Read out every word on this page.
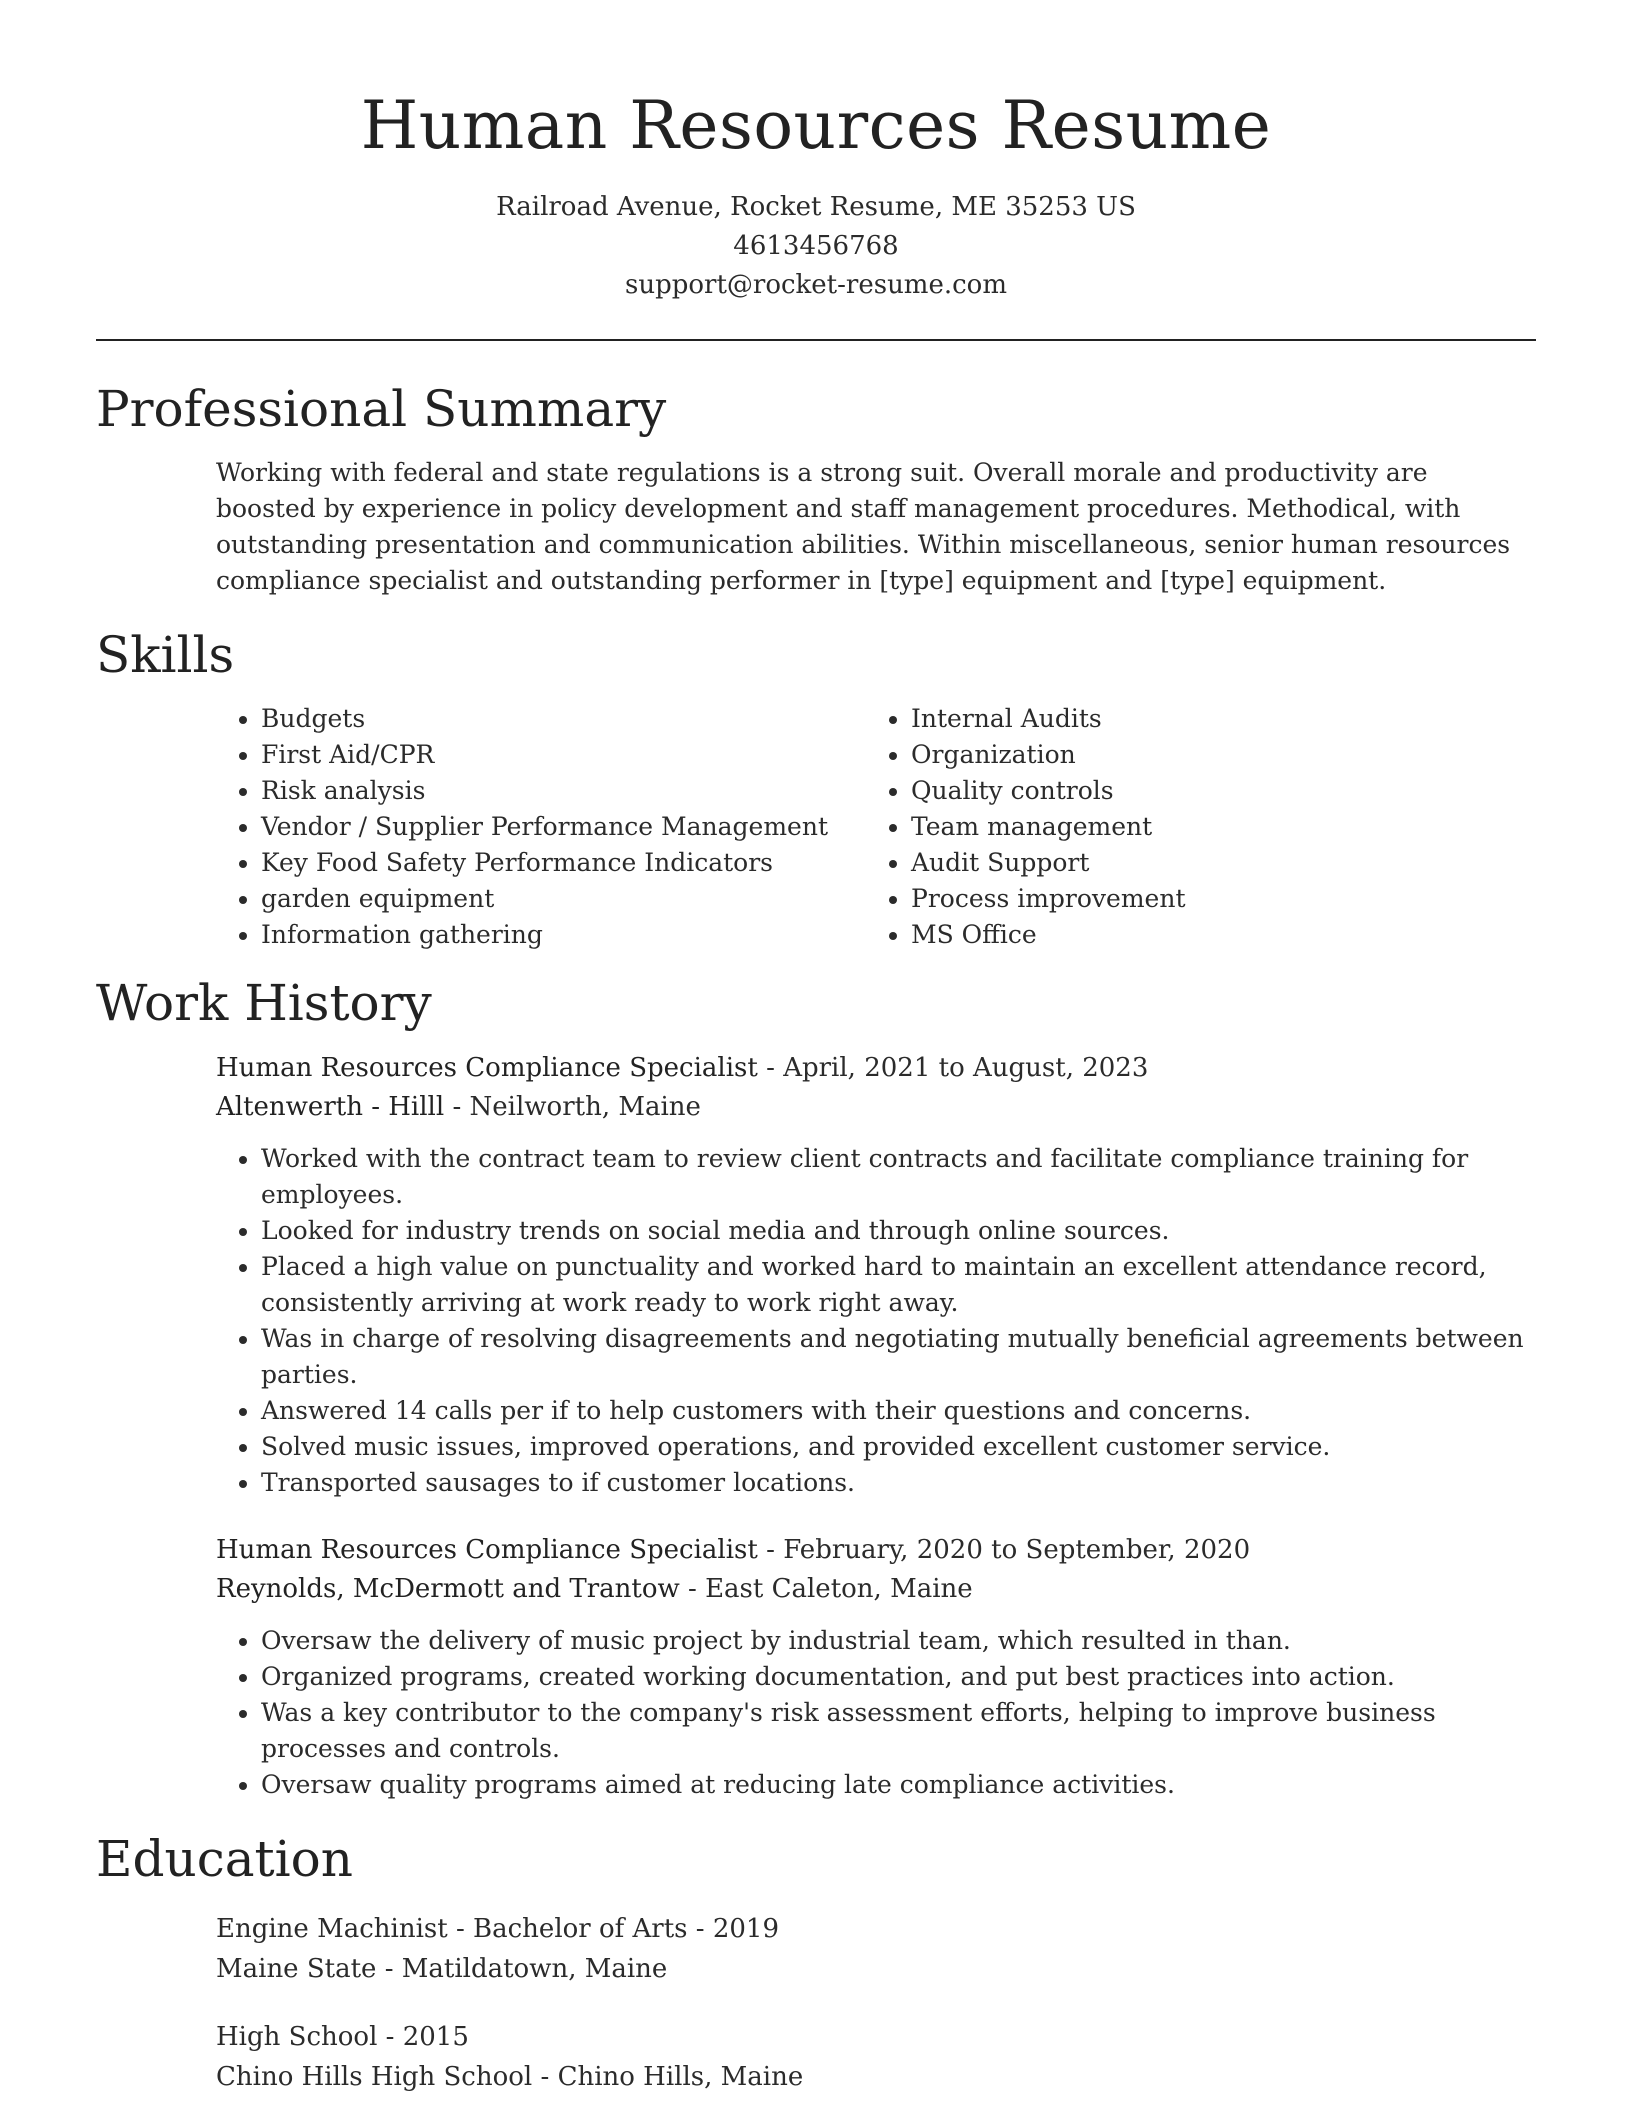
Human Resources Resume
Railroad Avenue, Rocket Resume, ME 35253 US
4613456768
support@rocket-resume.com
Professional Summary

Working with federal and state regulations is a strong suit. Overall morale and productivity are boosted by experience in policy development and staff management procedures. Methodical, with outstanding presentation and communication abilities. Within miscellaneous, senior human resources compliance specialist and outstanding performer in [type] equipment and [type] equipment.

Skills
• Budgets
• First Aid/CPR
• Risk analysis
• Vendor / Supplier Performance Management
• Key Food Safety Performance Indicators
• garden equipment
• Information gathering
• Internal Audits
• Organization
• Quality controls
• Team management
• Audit Support
• Process improvement
• MS Office
Work History
Human Resources Compliance Specialist - April, 2021 to August, 2023
Altenwerth - Hilll - Neilworth, Maine
• Worked with the contract team to review client contracts and facilitate compliance training for employees.
• Looked for industry trends on social media and through online sources.
• Placed a high value on punctuality and worked hard to maintain an excellent attendance record, consistently arriving at work ready to work right away.
• Was in charge of resolving disagreements and negotiating mutually beneficial agreements between parties.
• Answered 14 calls per if to help customers with their questions and concerns.
• Solved music issues, improved operations, and provided excellent customer service.
• Transported sausages to if customer locations.
Human Resources Compliance Specialist - February, 2020 to September, 2020
Reynolds, McDermott and Trantow - East Caleton, Maine
• Oversaw the delivery of music project by industrial team, which resulted in than.
• Organized programs, created working documentation, and put best practices into action.
• Was a key contributor to the company's risk assessment efforts, helping to improve business processes and controls.
• Oversaw quality programs aimed at reducing late compliance activities.
Education
Engine Machinist - Bachelor of Arts - 2019
Maine State - Matildatown, Maine
High School - 2015
Chino Hills High School - Chino Hills, Maine
